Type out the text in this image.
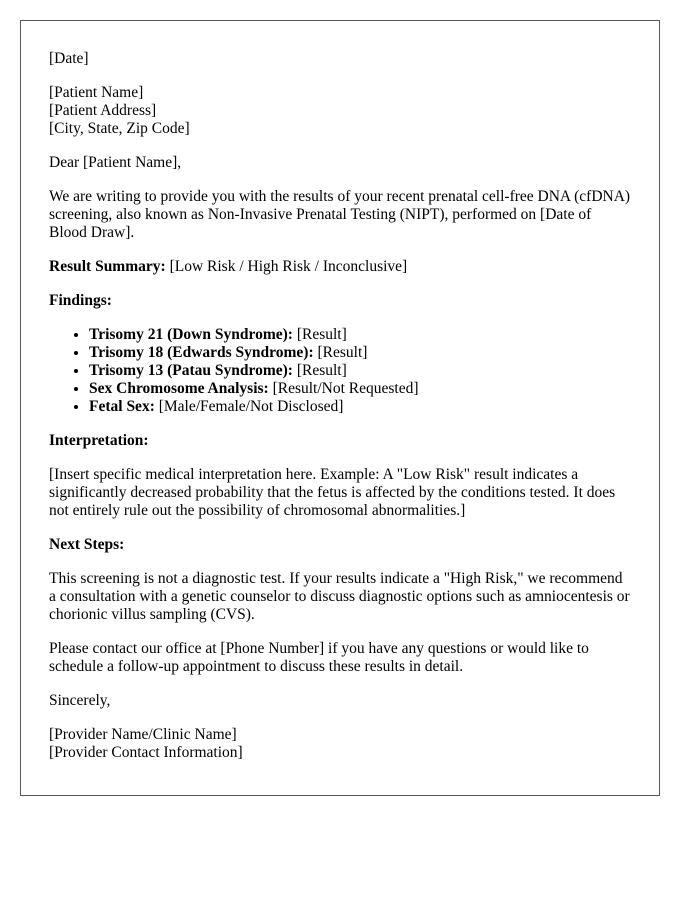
[Date]

[Patient Name]
[Patient Address]
[City, State, Zip Code]

Dear [Patient Name],

We are writing to provide you with the results of your recent prenatal cell-free DNA (cfDNA) screening, also known as Non-Invasive Prenatal Testing (NIPT), performed on [Date of Blood Draw].

Result Summary: [Low Risk / High Risk / Inconclusive]

Findings:

• Trisomy 21 (Down Syndrome): [Result]
• Trisomy 18 (Edwards Syndrome): [Result]
• Trisomy 13 (Patau Syndrome): [Result]
• Sex Chromosome Analysis: [Result/Not Requested]
• Fetal Sex: [Male/Female/Not Disclosed]

Interpretation:

[Insert specific medical interpretation here. Example: A "Low Risk" result indicates a significantly decreased probability that the fetus is affected by the conditions tested. It does not entirely rule out the possibility of chromosomal abnormalities.]

Next Steps:

This screening is not a diagnostic test. If your results indicate a "High Risk," we recommend a consultation with a genetic counselor to discuss diagnostic options such as amniocentesis or chorionic villus sampling (CVS).

Please contact our office at [Phone Number] if you have any questions or would like to schedule a follow-up appointment to discuss these results in detail.

Sincerely,

[Provider Name/Clinic Name]
[Provider Contact Information]
